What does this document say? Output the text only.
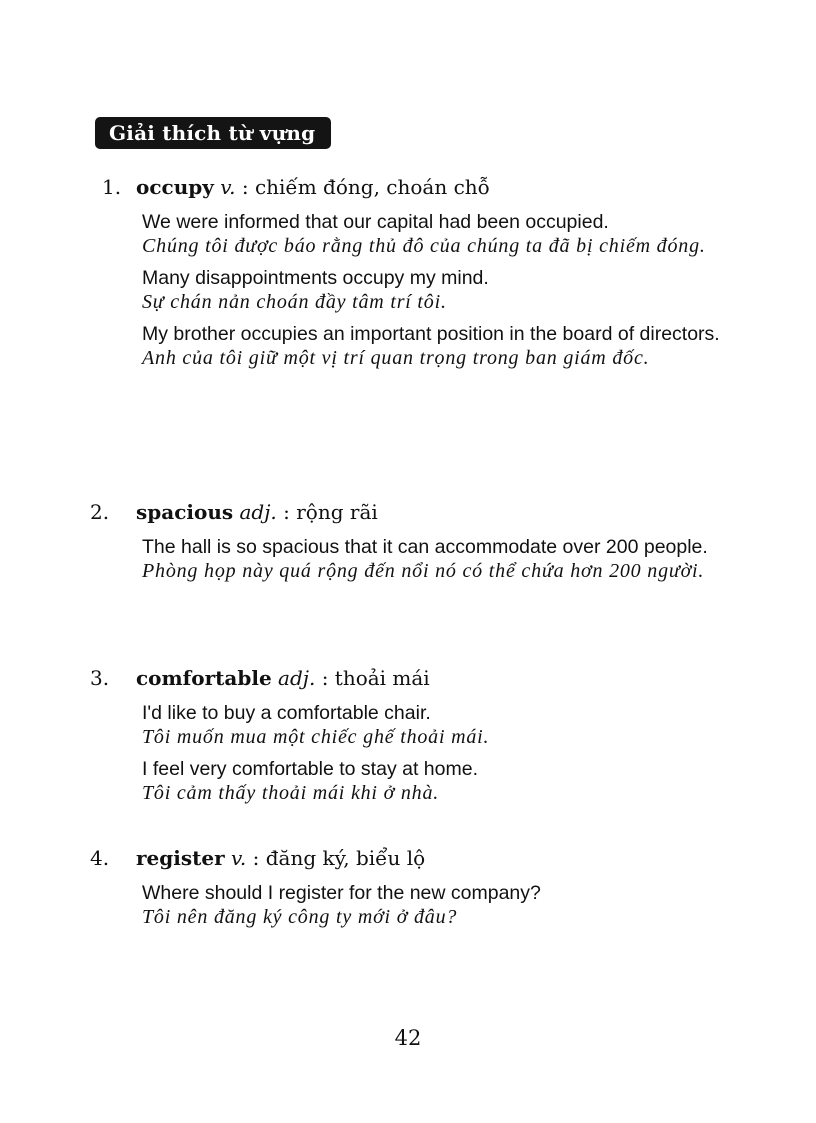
Giải thích từ vựng
1. occupy v. : chiếm đóng, choán chỗ
We were informed that our capital had been occupied.
Chúng tôi được báo rằng thủ đô của chúng ta đã bị chiếm đóng.
Many disappointments occupy my mind.
Sự chán nản choán đầy tâm trí tôi.
My brother occupies an important position in the board of directors.
Anh của tôi giữ một vị trí quan trọng trong ban giám đốc.
2. spacious adj. : rộng rãi
The hall is so spacious that it can accommodate over 200 people.
Phòng họp này quá rộng đến nổi nó có thể chứa hơn 200 người.
3. comfortable adj. : thoải mái
I'd like to buy a comfortable chair.
Tôi muốn mua một chiếc ghế thoải mái.
I feel very comfortable to stay at home.
Tôi cảm thấy thoải mái khi ở nhà.
4. register v. : đăng ký, biểu lộ
Where should I register for the new company?
Tôi nên đăng ký công ty mới ở đâu?
42
